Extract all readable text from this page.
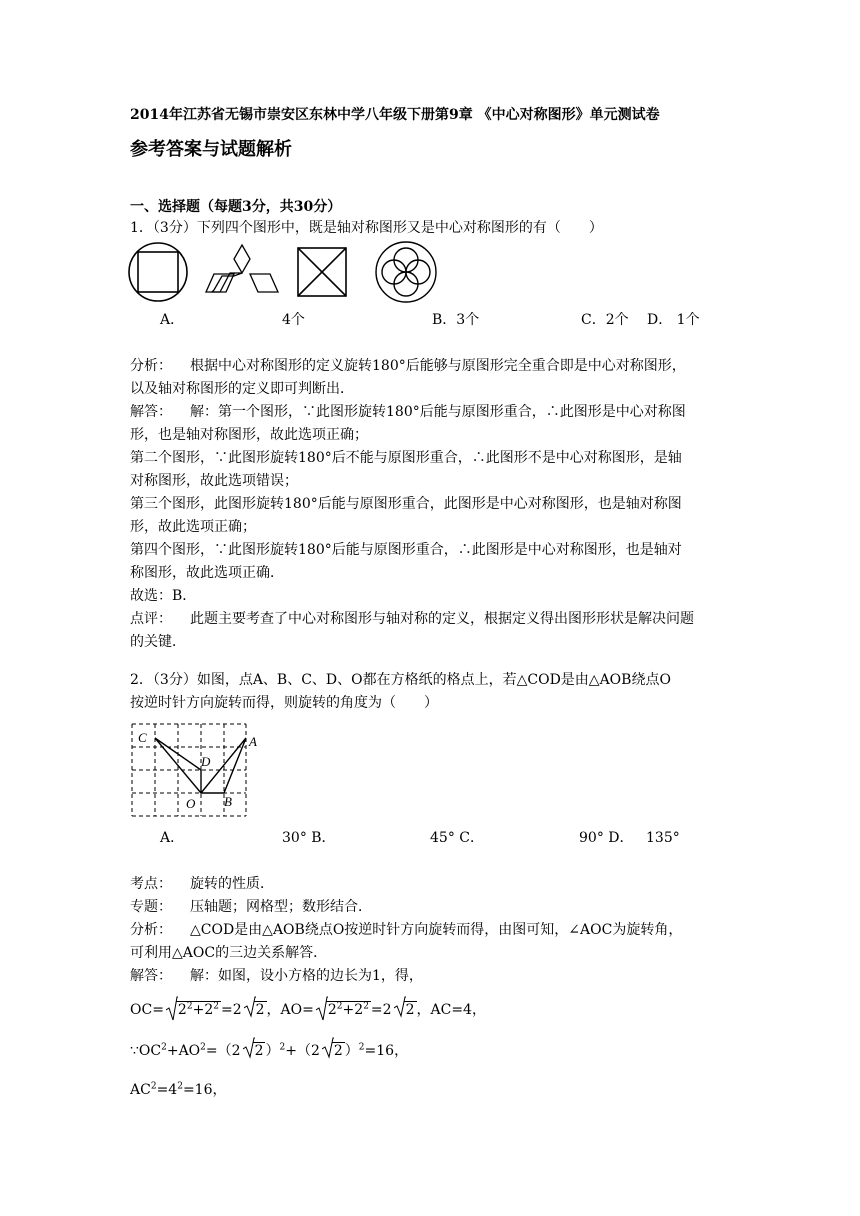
2014年江苏省无锡市崇安区东林中学八年级下册第9章 《中心对称图形》单元测试卷
参考答案与试题解析
一、选择题（每题3分，共30分）
1．（3分）下列四个图形中，既是轴对称图形又是中心对称图形的有（　　）
A．	4个	B．3个	C．2个 D． 1个
分析： 根据中心对称图形的定义旋转180°后能够与原图形完全重合即是中心对称图形，
以及轴对称图形的定义即可判断出．
解答： 解：第一个图形，∵此图形旋转180°后能与原图形重合，∴此图形是中心对称图
形，也是轴对称图形，故此选项正确；
第二个图形，∵此图形旋转180°后不能与原图形重合，∴此图形不是中心对称图形，是轴
对称图形，故此选项错误；
第三个图形，此图形旋转180°后能与原图形重合，此图形是中心对称图形，也是轴对称图
形，故此选项正确；
第四个图形，∵此图形旋转180°后能与原图形重合，∴此图形是中心对称图形，也是轴对
称图形，故此选项正确．
故选：B．
点评： 此题主要考查了中心对称图形与轴对称的定义，根据定义得出图形形状是解决问题
的关键．
2．（3分）如图，点A、B、C、D、O都在方格纸的格点上，若△COD是由△AOB绕点O
按逆时针方向旋转而得，则旋转的角度为（　　）
C	A
D
O B
A．	30° B．	45° C．	90° D． 135°
考点： 旋转的性质．
专题： 压轴题；网格型；数形结合．
分析： △COD是由△AOB绕点O按逆时针方向旋转而得，由图可知，∠AOC为旋转角，
可利用△AOC的三边关系解答．
解答： 解：如图，设小方格的边长为1，得，
$OC= 2^2+2^2 =2$ 2 ，$AO= 2^2+2^2 =2$ 2 ，AC=4，
$\because OC^2+AO^2=(2$ 2 ）$^2$+（2 2 ）$^2$=16，
$AC^2=4^2=16$，
